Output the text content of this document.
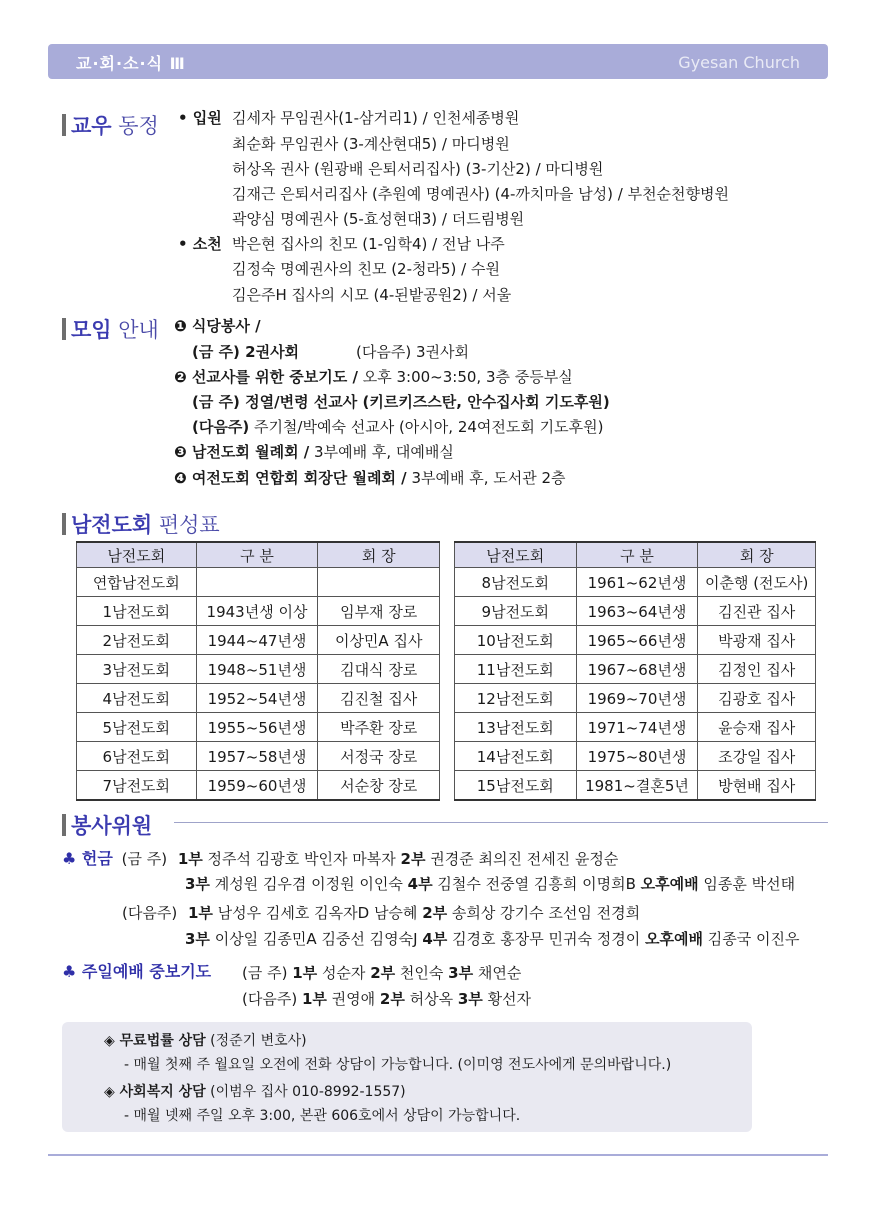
교·회·소·식 Ⅲ	Gyesan Church
교우 동정 • 입원 김세자 무임권사(1-삼거리1) / 인천세종병원
최순화 무임권사 (3-계산현대5) / 마디병원
허상옥 권사 (원광배 은퇴서리집사) (3-기산2) / 마디병원
김재근 은퇴서리집사 (추원예 명예권사) (4-까치마을 남성) / 부천순천향병원
곽양심 명예권사 (5-효성현대3) / 더드림병원
• 소천 박은현 집사의 친모 (1-임학4) / 전남 나주
김정숙 명예권사의 친모 (2-청라5) / 수원
김은주H 집사의 시모 (4-된밭공원2) / 서울
모임 안내 ❶ 식당봉사 /
(금 주) 2권사회	(다음주) 3권사회
❷ 선교사를 위한 중보기도 / 오후 3:00~3:50, 3층 중등부실
(금 주) 정열/변령 선교사 (키르키즈스탄, 안수집사회 기도후원)
(다음주) 주기철/박예숙 선교사 (아시아, 24여전도회 기도후원)
❸ 남전도회 월례회 / 3부예배 후, 대예배실
❹ 여전도회 연합회 회장단 월례회 / 3부예배 후, 도서관 2층
남전도회 편성표
남전도회	구 분	회 장
연합남전도회		
1남전도회	1943년생 이상	임부재 장로
2남전도회	1944~47년생	이상민A 집사
3남전도회	1948~51년생	김대식 장로
4남전도회	1952~54년생	김진철 집사
5남전도회	1955~56년생	박주환 장로
6남전도회	1957~58년생	서정국 장로
7남전도회	1959~60년생	서순창 장로
남전도회	구 분	회 장
8남전도회	1961~62년생	이춘행 (전도사)
9남전도회	1963~64년생	김진관 집사
10남전도회	1965~66년생	박광재 집사
11남전도회	1967~68년생	김정인 집사
12남전도회	1969~70년생	김광호 집사
13남전도회	1971~74년생	윤승재 집사
14남전도회	1975~80년생	조강일 집사
15남전도회	1981~결혼5년	방현배 집사
봉사위원
♣ 헌금 (금 주) 1부 정주석 김광호 박인자 마복자 2부 권경준 최의진 전세진 윤정순
3부 계성원 김우겸 이정원 이인숙 4부 김철수 전중열 김흥희 이명희B 오후예배 임종훈 박선태
(다음주) 1부 남성우 김세호 김옥자D 남승혜 2부 송희상 강기수 조선임 전경희
3부 이상일 김종민A 김중선 김영숙J 4부 김경호 홍장무 민귀숙 정경이 오후예배 김종국 이진우
♣ 주일예배 중보기도 (금 주) 1부 성순자 2부 천인숙 3부 채연순
(다음주) 1부 권영애 2부 허상옥 3부 황선자
◈ 무료법률 상담 (정준기 변호사)
- 매월 첫째 주 월요일 오전에 전화 상담이 가능합니다. (이미영 전도사에게 문의바랍니다.)
◈ 사회복지 상담 (이범우 집사 010-8992-1557)
- 매월 넷째 주일 오후 3:00, 본관 606호에서 상담이 가능합니다.
